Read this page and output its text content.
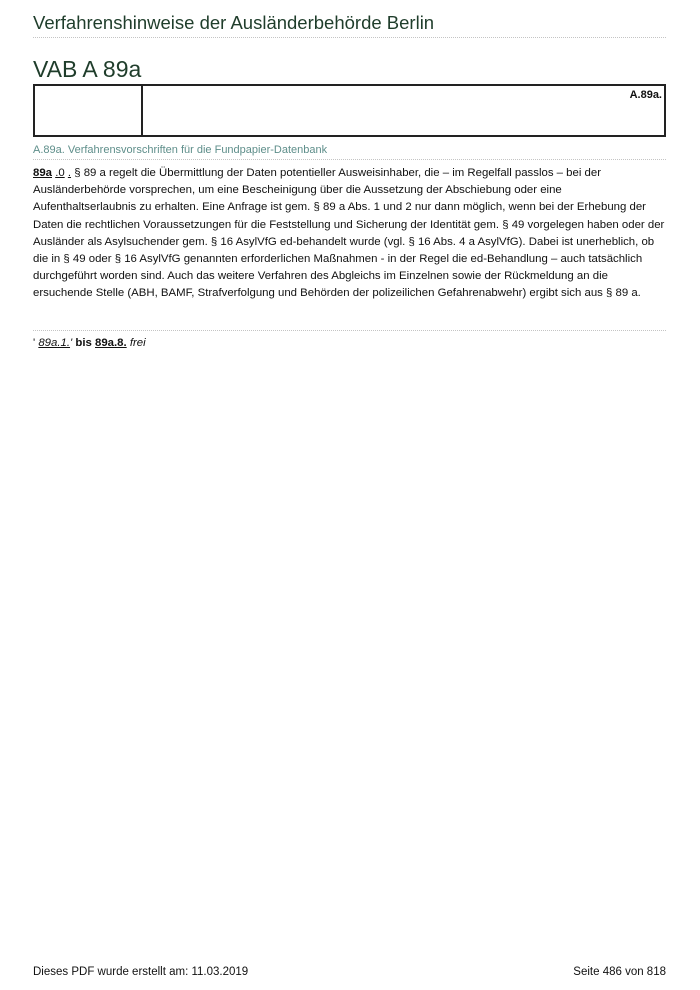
Verfahrenshinweise der Ausländerbehörde Berlin
VAB A 89a
A.89a.
A.89a. Verfahrensvorschriften für die Fundpapier-Datenbank
89a .0 . § 89 a regelt die Übermittlung der Daten potentieller Ausweisinhaber, die – im Regelfall passlos – bei der Ausländerbehörde vorsprechen, um eine Bescheinigung über die Aussetzung der Abschiebung oder eine Aufenthaltserlaubnis zu erhalten. Eine Anfrage ist gem. § 89 a Abs. 1 und 2 nur dann möglich, wenn bei der Erhebung der Daten die rechtlichen Voraussetzungen für die Feststellung und Sicherung der Identität gem. § 49 vorgelegen haben oder der Ausländer als Asylsuchender gem. § 16 AsylVfG ed-behandelt wurde (vgl. § 16 Abs. 4 a AsylVfG). Dabei ist unerheblich, ob die in § 49 oder § 16 AsylVfG genannten erforderlichen Maßnahmen - in der Regel die ed-Behandlung – auch tatsächlich durchgeführt worden sind. Auch das weitere Verfahren des Abgleichs im Einzelnen sowie der Rückmeldung an die ersuchende Stelle (ABH, BAMF, Strafverfolgung und Behörden der polizeilichen Gefahrenabwehr) ergibt sich aus § 89 a.
' 89a.1.' bis 89a.8. frei
Dieses PDF wurde erstellt am: 11.03.2019	Seite 486 von 818
